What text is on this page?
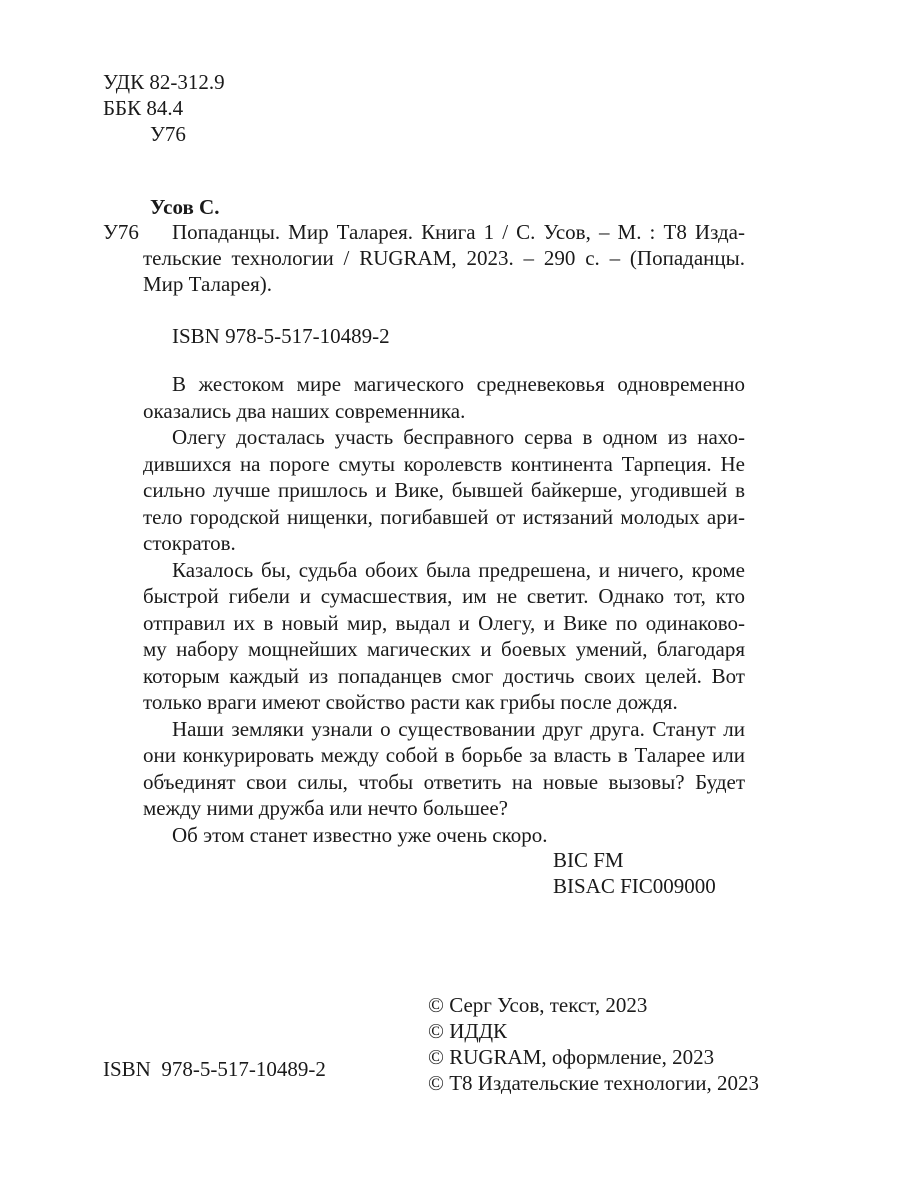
УДК 82-312.9
ББК 84.4
У76
Усов С.
У76 Попаданцы. Мир Таларея. Книга 1 / С. Усов, – М. : Т8 Изда-
тельские технологии / RUGRAM, 2023. – 290 с. – (Попаданцы.
Мир Таларея).
ISBN 978-5-517-10489-2
В жестоком мире магического средневековья одновременно
оказались два наших современника.
Олегу досталась участь бесправного серва в одном из нахо-
дившихся на пороге смуты королевств континента Тарпеция. Не
сильно лучше пришлось и Вике, бывшей байкерше, угодившей в
тело городской нищенки, погибавшей от истязаний молодых ари-
стократов.
Казалось бы, судьба обоих была предрешена, и ничего, кроме
быстрой гибели и сумасшествия, им не светит. Однако тот, кто
отправил их в новый мир, выдал и Олегу, и Вике по одинаково-
му набору мощнейших магических и боевых умений, благодаря
которым каждый из попаданцев смог достичь своих целей. Вот
только враги имеют свойство расти как грибы после дождя.
Наши земляки узнали о существовании друг друга. Станут ли
они конкурировать между собой в борьбе за власть в Таларее или
объединят свои силы, чтобы ответить на новые вызовы? Будет
между ними дружба или нечто большее?
Об этом станет известно уже очень скоро.
BIC FM
BISAC FIC009000
© Серг Усов, текст, 2023
© ИДДК
© RUGRAM, оформление, 2023
© Т8 Издательские технологии, 2023
ISBN  978-5-517-10489-2
